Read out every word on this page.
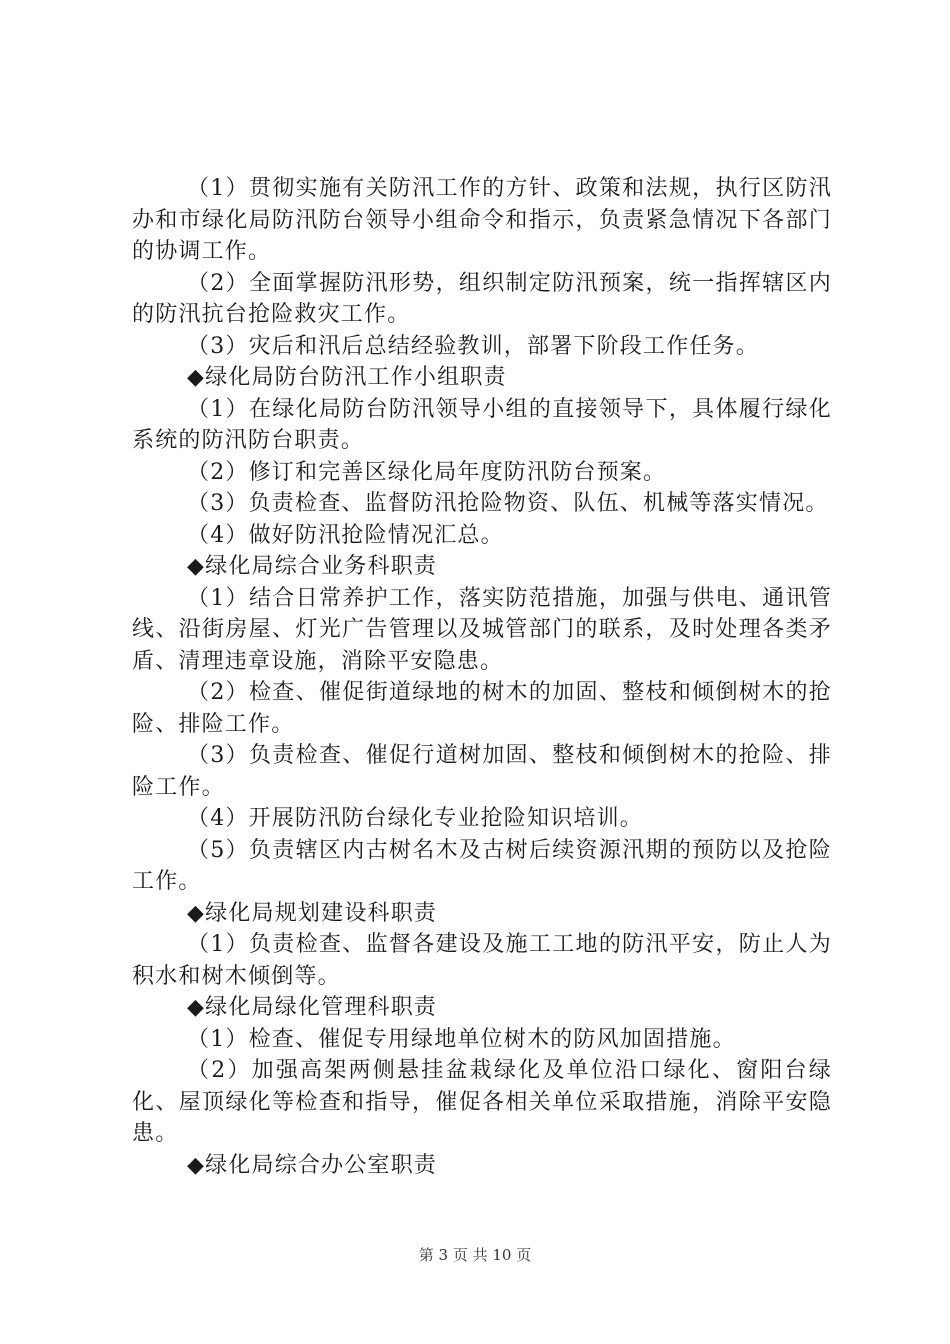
（1）贯彻实施有关防汛工作的方针、政策和法规，执行区防汛办和市绿化局防汛防台领导小组命令和指示，负责紧急情况下各部门的协调工作。

（2）全面掌握防汛形势，组织制定防汛预案，统一指挥辖区内的防汛抗台抢险救灾工作。

（3）灾后和汛后总结经验教训，部署下阶段工作任务。

◆绿化局防台防汛工作小组职责

（1）在绿化局防台防汛领导小组的直接领导下，具体履行绿化系统的防汛防台职责。

（2）修订和完善区绿化局年度防汛防台预案。

（3）负责检查、监督防汛抢险物资、队伍、机械等落实情况。

（4）做好防汛抢险情况汇总。

◆绿化局综合业务科职责

（1）结合日常养护工作，落实防范措施，加强与供电、通讯管线、沿街房屋、灯光广告管理以及城管部门的联系，及时处理各类矛盾、清理违章设施，消除平安隐患。

（2）检查、催促街道绿地的树木的加固、整枝和倾倒树木的抢险、排险工作。

（3）负责检查、催促行道树加固、整枝和倾倒树木的抢险、排险工作。

（4）开展防汛防台绿化专业抢险知识培训。

（5）负责辖区内古树名木及古树后续资源汛期的预防以及抢险工作。

◆绿化局规划建设科职责

（1）负责检查、监督各建设及施工工地的防汛平安，防止人为积水和树木倾倒等。

◆绿化局绿化管理科职责

（1）检查、催促专用绿地单位树木的防风加固措施。

（2）加强高架两侧悬挂盆栽绿化及单位沿口绿化、窗阳台绿化、屋顶绿化等检查和指导，催促各相关单位采取措施，消除平安隐患。

◆绿化局综合办公室职责

第 3 页 共 10 页
